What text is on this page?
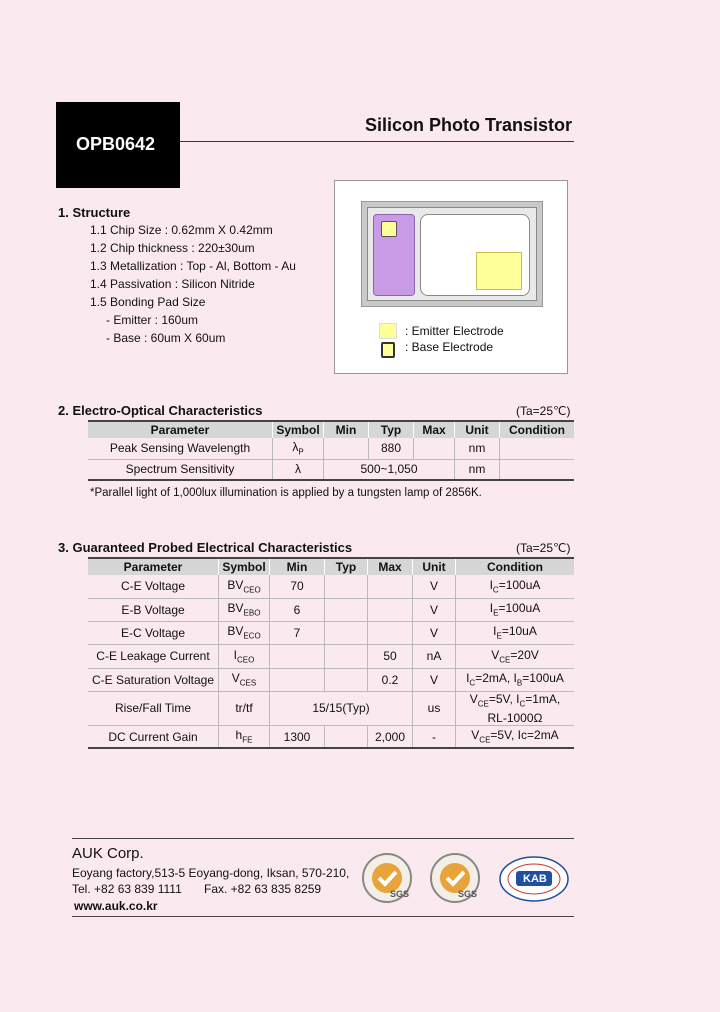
OPB0642
Silicon Photo Transistor
1. Structure
1.1 Chip Size : 0.62mm X 0.42mm
1.2 Chip thickness : 220±30um
1.3 Metallization : Top - Al, Bottom - Au
1.4 Passivation : Silicon Nitride
1.5 Bonding Pad Size
- Emitter : 160um
- Base : 60um X 60um	: Emitter Electrode
: Base Electrode
2. Electro-Optical Characteristics	(Ta=25℃)
Parameter	Symbol	Min	Typ	Max	Unit	Condition
Peak Sensing Wavelength	$\lambda_P$		880		nm	
Spectrum Sensitivity	λ	500~1,050			nm	
*Parallel light of 1,000lux illumination is applied by a tungsten lamp of 2856K.
3. Guaranteed Probed Electrical Characteristics	(Ta=25℃)
Parameter	Symbol	Min	Typ	Max	Unit	Condition
C-E Voltage	$BV_{CEO}$	70			V	$I_C=100uA$
E-B Voltage	$BV_{EBO}$	6			V	$I_E=100uA$
E-C Voltage	$BV_{ECO}$	7			V	$I_E=10uA$
C-E Leakage Current	$I_{CEO}$			50	nA	$V_{CE}=20V$
C-E Saturation Voltage	$V_{CES}$			0.2	V	$I_C=2mA$, $I_B=100uA$
Rise/Fall Time	tr/tf	15/15(Typ)			us	$V_{CE}=5V$, $I_C=1mA$,
RL-1000Ω
DC Current Gain	$h_{FE}$	1300		2,000	-	$V_{CE}=5V$, Ic=2mA
AUK Corp.
Eoyang factory,513-5 Eoyang-dong, Iksan, 570-210,
Tel. +82 63 839 1111 Fax. +82 63 835 8259
www.auk.co.kr
SGS	SGS
KAB
